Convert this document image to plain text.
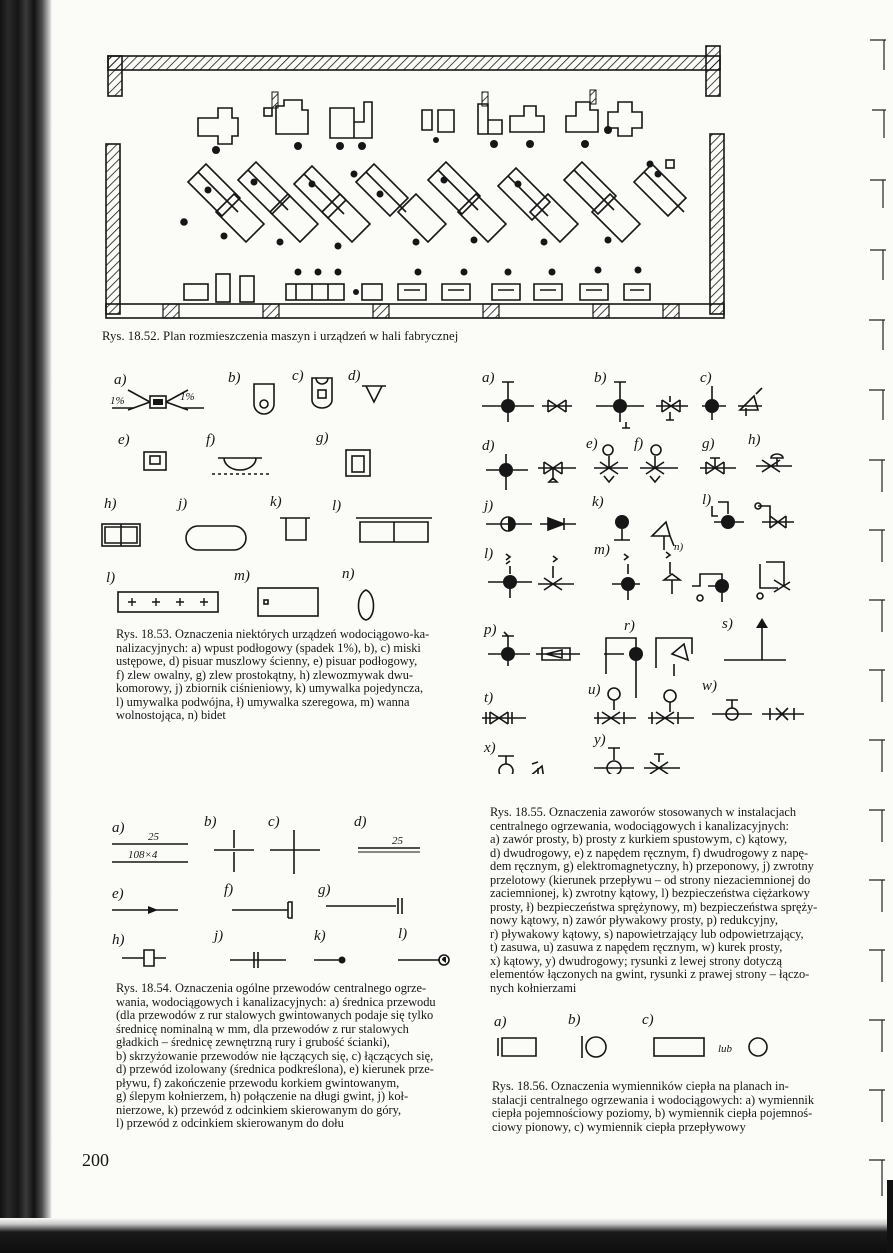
Rys. 18.52. Plan rozmieszczenia maszyn i urządzeń w hali fabrycznej
a)
1%	1%
b)	c)	d)
e)	f)	g)
h)	j)	k)	l)
l)	m)	n)
Rys. 18.53. Oznaczenia niektórych urządzeń wodociągowo-ka-
nalizacyjnych: a) wpust podłogowy (spadek 1%), b), c) miski
ustępowe, d) pisuar muszlowy ścienny, e) pisuar podłogowy,
f) zlew owalny, g) zlew prostokątny, h) zlewozmywak dwu-
komorowy, j) zbiornik ciśnieniowy, k) umywalka pojedyncza,
l) umywalka podwójna, ł) umywalka szeregowa, m) wanna
wolnostojąca, n) bidet
a)
25
108×4
b)	c)	d)
25
e)	f)	g)
h)	j)	k)	l)
Rys. 18.54. Oznaczenia ogólne przewodów centralnego ogrze-
wania, wodociągowych i kanalizacyjnych: a) średnica przewodu
(dla przewodów z rur stalowych gwintowanych podaje się tylko
średnicę nominalną w mm, dla przewodów z rur stalowych
gładkich – średnicę zewnętrzną rury i grubość ścianki),
b) skrzyżowanie przewodów nie łączących się, c) łączących się,
d) przewód izolowany (średnica podkreślona), e) kierunek prze-
pływu, f) zakończenie przewodu korkiem gwintowanym,
g) ślepym kołnierzem, h) połączenie na długi gwint, j) koł-
nierzowe, k) przewód z odcinkiem skierowanym do góry,
l) przewód z odcinkiem skierowanym do dołu
a)	b)	c)
d)	e) f)	g) h)
j)	k)
n)
l)
l)	m)
p)	r)	s)
t)	u)	w)
x)	y)
Rys. 18.55. Oznaczenia zaworów stosowanych w instalacjach
centralnego ogrzewania, wodociągowych i kanalizacyjnych:
a) zawór prosty, b) prosty z kurkiem spustowym, c) kątowy,
d) dwudrogowy, e) z napędem ręcznym, f) dwudrogowy z napę-
dem ręcznym, g) elektromagnetyczny, h) przeponowy, j) zwrotny
przelotowy (kierunek przepływu – od strony niezaciemnionej do
zaciemnionej, k) zwrotny kątowy, l) bezpieczeństwa ciężarkowy
prosty, ł) bezpieczeństwa sprężynowy, m) bezpieczeństwa spręży-
nowy kątowy, n) zawór pływakowy prosty, p) redukcyjny,
r) pływakowy kątowy, s) napowietrzający lub odpowietrzający,
t) zasuwa, u) zasuwa z napędem ręcznym, w) kurek prosty,
x) kątowy, y) dwudrogowy; rysunki z lewej strony dotyczą
elementów łączonych na gwint, rysunki z prawej strony – łączo-
nych kołnierzami
a)	b)	c)
lub
Rys. 18.56. Oznaczenia wymienników ciepła na planach in-
stalacji centralnego ogrzewania i wodociągowych: a) wymiennik
ciepła pojemnościowy poziomy, b) wymiennik ciepła pojemnoś-
ciowy pionowy, c) wymiennik ciepła przepływowy
200
